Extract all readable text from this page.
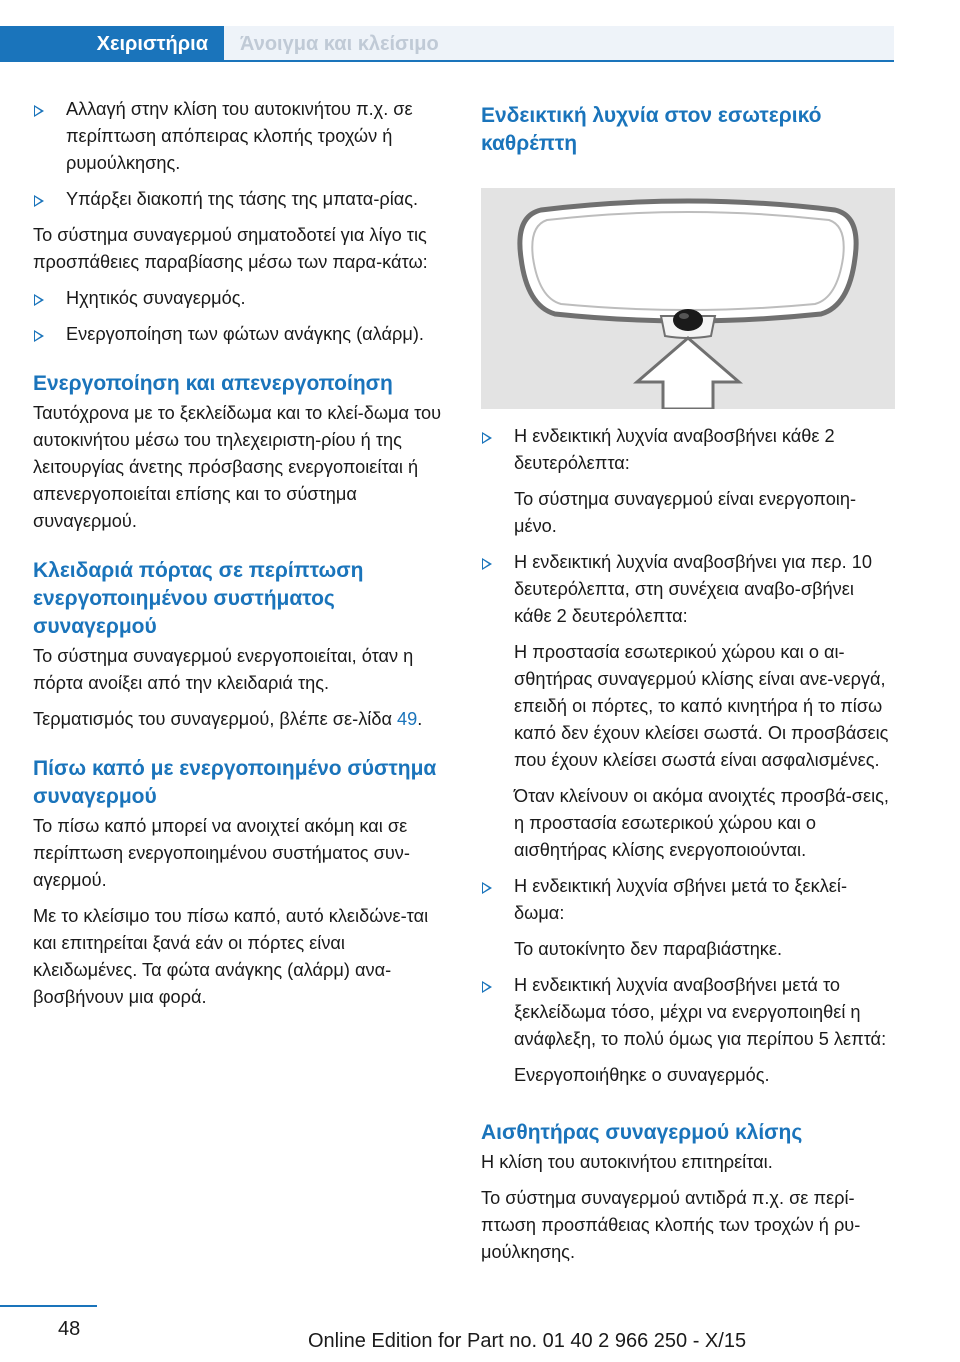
Χειριστήρια	Άνοιγμα και κλείσιμο
Αλλαγή στην κλίση του αυτοκινήτου π.χ. σε περίπτωση απόπειρας κλοπής τροχών ή ρυμούλκησης.
Υπάρξει διακοπή της τάσης της μπατα‐ρίας.

Το σύστημα συναγερμού σηματοδοτεί για λίγο τις προσπάθειες παραβίασης μέσω των παρα‐κάτω:

Ηχητικός συναγερμός.
Ενεργοποίηση των φώτων ανάγκης (αλάρμ).
Ενεργοποίηση και απενεργοποίηση

Ταυτόχρονα με το ξεκλείδωμα και το κλεί‐δωμα του αυτοκινήτου μέσω του τηλεχειριστη‐ρίου ή της λειτουργίας άνετης πρόσβασης ενεργοποιείται ή απενεργοποιείται επίσης και το σύστημα συναγερμού.

Κλειδαριά πόρτας σε περίπτωση ενεργοποιημένου συστήματος συναγερμού

Το σύστημα συναγερμού ενεργοποιείται, όταν η πόρτα ανοίξει από την κλειδαριά της.

Τερματισμός του συναγερμού, βλέπε σε‐λίδα 49.

Πίσω καπό με ενεργοποιημένο σύστημα συναγερμού

Το πίσω καπό μπορεί να ανοιχτεί ακόμη και σε περίπτωση ενεργοποιημένου συστήματος συν‐αγερμού.

Με το κλείσιμο του πίσω καπό, αυτό κλειδώνε‐ται και επιτηρείται ξανά εάν οι πόρτες είναι κλειδωμένες. Τα φώτα ανάγκης (αλάρμ) ανα‐βοσβήνουν μια φορά.

Ενδεικτική λυχνία στον εσωτερικό καθρέπτη
Η ενδεικτική λυχνία αναβοσβήνει κάθε 2 δευτερόλεπτα:

Το σύστημα συναγερμού είναι ενεργοποιη‐μένο.

Η ενδεικτική λυχνία αναβοσβήνει για περ. 10 δευτερόλεπτα, στη συνέχεια αναβο‐σβήνει κάθε 2 δευτερόλεπτα:

Η προστασία εσωτερικού χώρου και ο αι‐σθητήρας συναγερμού κλίσης είναι ανε‐νεργά, επειδή οι πόρτες, το καπό κινητήρα ή το πίσω καπό δεν έχουν κλείσει σωστά. Οι προσβάσεις που έχουν κλείσει σωστά είναι ασφαλισμένες.

Όταν κλείνουν οι ακόμα ανοιχτές προσβά‐σεις, η προστασία εσωτερικού χώρου και ο αισθητήρας κλίσης ενεργοποιούνται.

Η ενδεικτική λυχνία σβήνει μετά το ξεκλεί‐δωμα:

Το αυτοκίνητο δεν παραβιάστηκε.

Η ενδεικτική λυχνία αναβοσβήνει μετά το ξεκλείδωμα τόσο, μέχρι να ενεργοποιηθεί η ανάφλεξη, το πολύ όμως για περίπου 5 λεπτά:

Ενεργοποιήθηκε ο συναγερμός.

Αισθητήρας συναγερμού κλίσης

Η κλίση του αυτοκινήτου επιτηρείται.

Το σύστημα συναγερμού αντιδρά π.χ. σε περί‐πτωση προσπάθειας κλοπής των τροχών ή ρυ‐μούλκησης.

48
Online Edition for Part no. 01 40 2 966 250 - X/15
